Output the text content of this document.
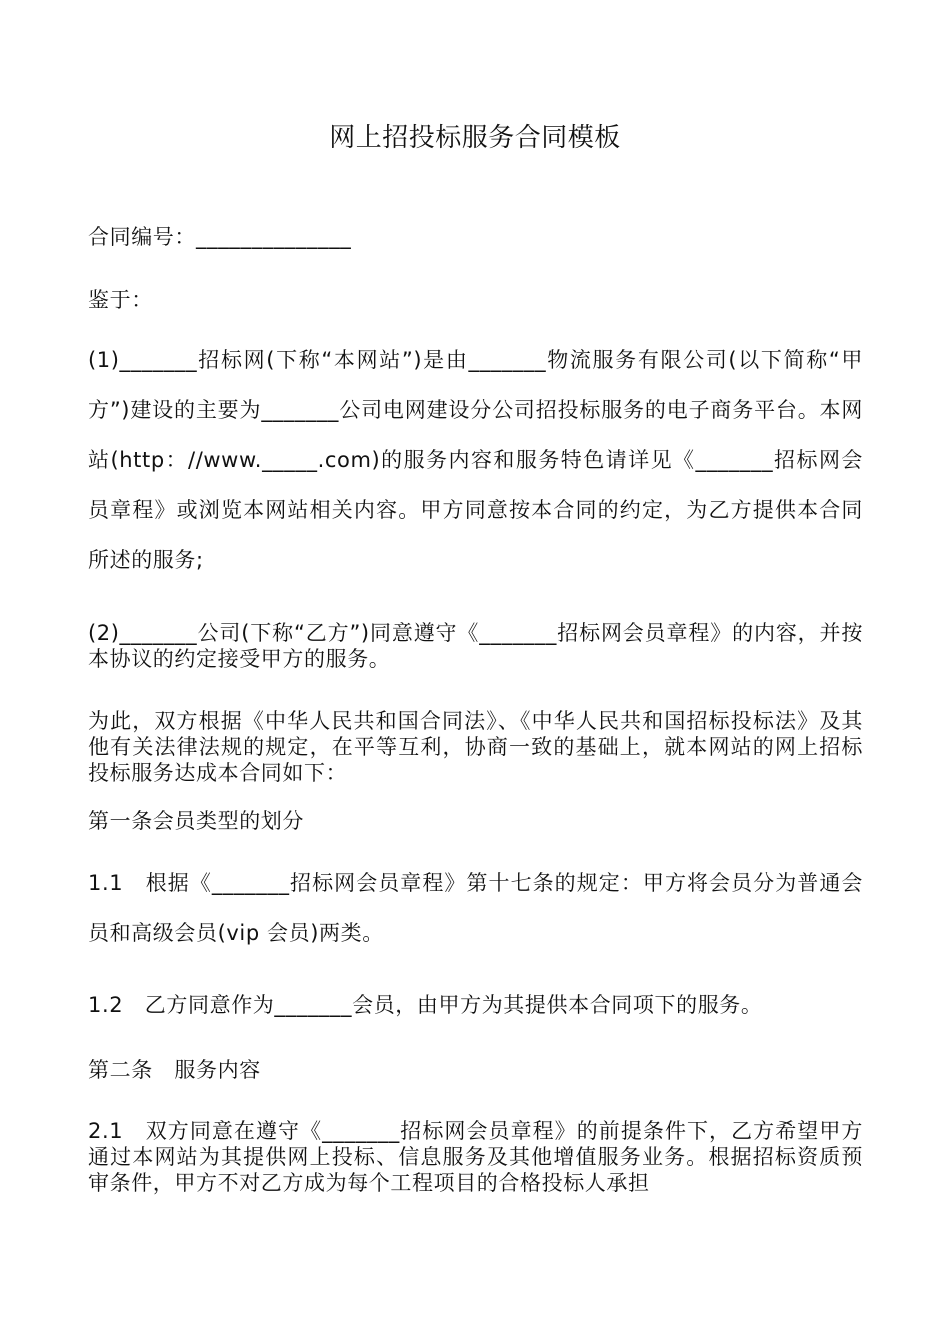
网上招投标服务合同模板

合同编号：______________

鉴于：

(1)_______招标网(下称“本网站”)是由_______物流服务有限公司(以下简称“甲方”)建设的主要为_______公司电网建设分公司招投标服务的电子商务平台。本网站(http：//www._____.com)的服务内容和服务特色请详见《_______招标网会员章程》或浏览本网站相关内容。甲方同意按本合同的约定，为乙方提供本合同所述的服务;

(2)_______公司(下称“乙方”)同意遵守《_______招标网会员章程》的内容，并按本协议的约定接受甲方的服务。

为此，双方根据《中华人民共和国合同法》、《中华人民共和国招标投标法》及其他有关法律法规的规定，在平等互利，协商一致的基础上，就本网站的网上招标投标服务达成本合同如下：

第一条会员类型的划分

1.1　根据《_______招标网会员章程》第十七条的规定：甲方将会员分为普通会员和高级会员(vip 会员)两类。

1.2　乙方同意作为_______会员，由甲方为其提供本合同项下的服务。

第二条　服务内容

2.1　双方同意在遵守《_______招标网会员章程》的前提条件下，乙方希望甲方通过本网站为其提供网上投标、信息服务及其他增值服务业务。根据招标资质预审条件，甲方不对乙方成为每个工程项目的合格投标人承担
